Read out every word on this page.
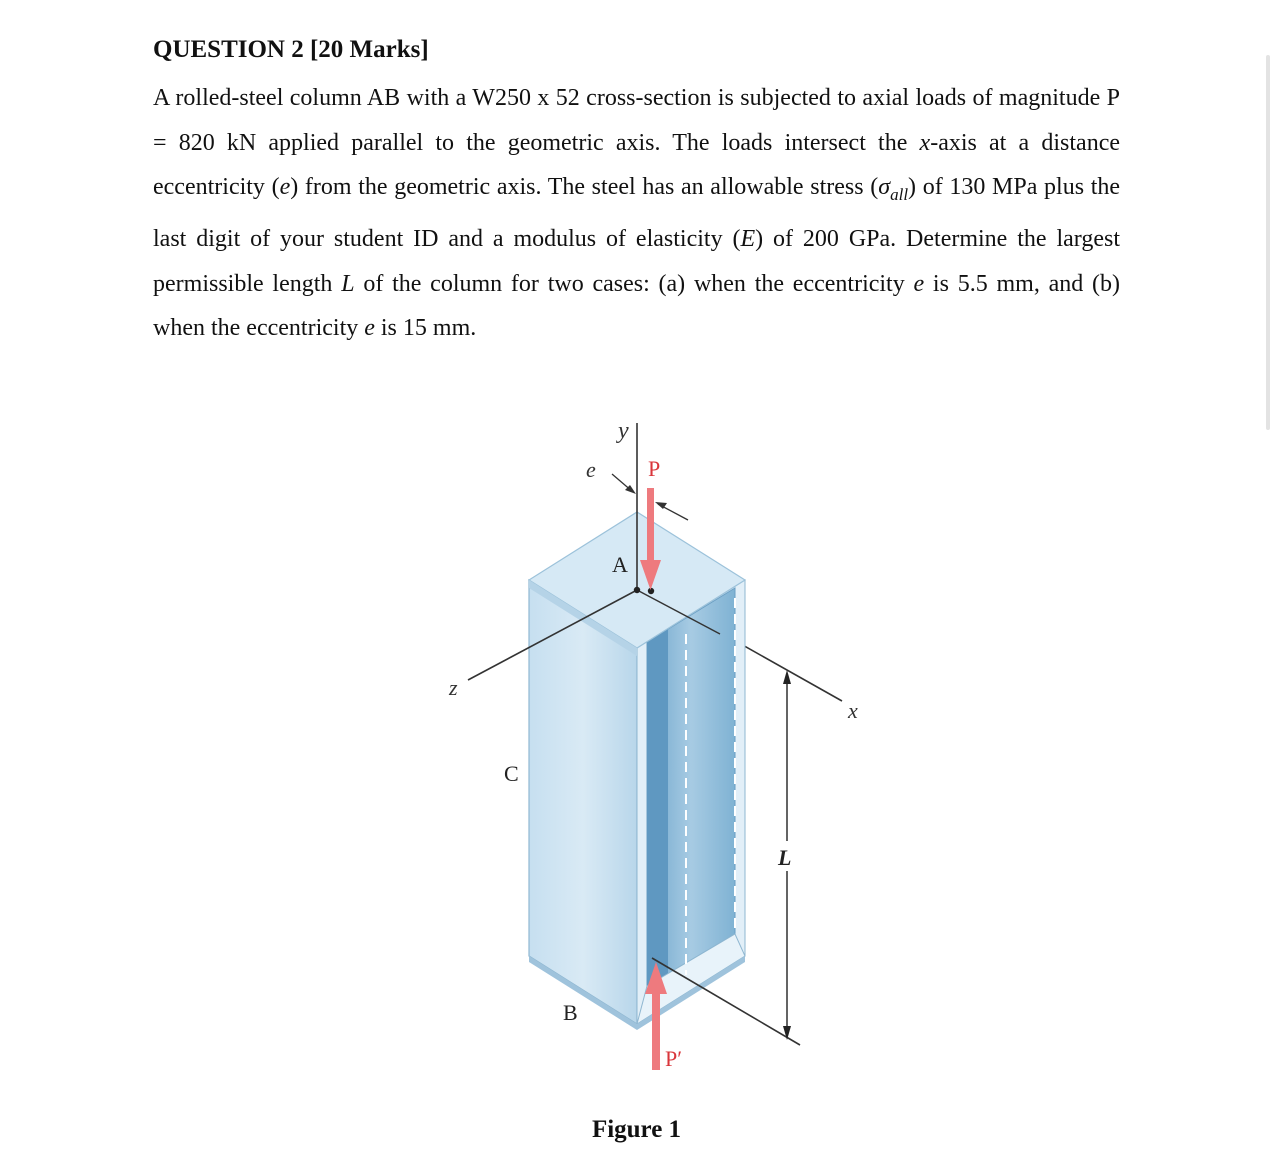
QUESTION 2 [20 Marks]

A rolled-steel column AB with a W250 x 52 cross-section is subjected to axial loads of magnitude P = 820 kN applied parallel to the geometric axis. The loads intersect the x-axis at a distance eccentricity (e) from the geometric axis. The steel has an allowable stress $(\sigma_{all})$ of 130 MPa plus the last digit of your student ID and a modulus of elasticity (E) of 200 GPa. Determine the largest permissible length L of the column for two cases: (a) when the eccentricity e is 5.5 mm, and (b) when the eccentricity e is 15 mm.

y
e P
A
z
x
C
L
B
P′
Figure 1
